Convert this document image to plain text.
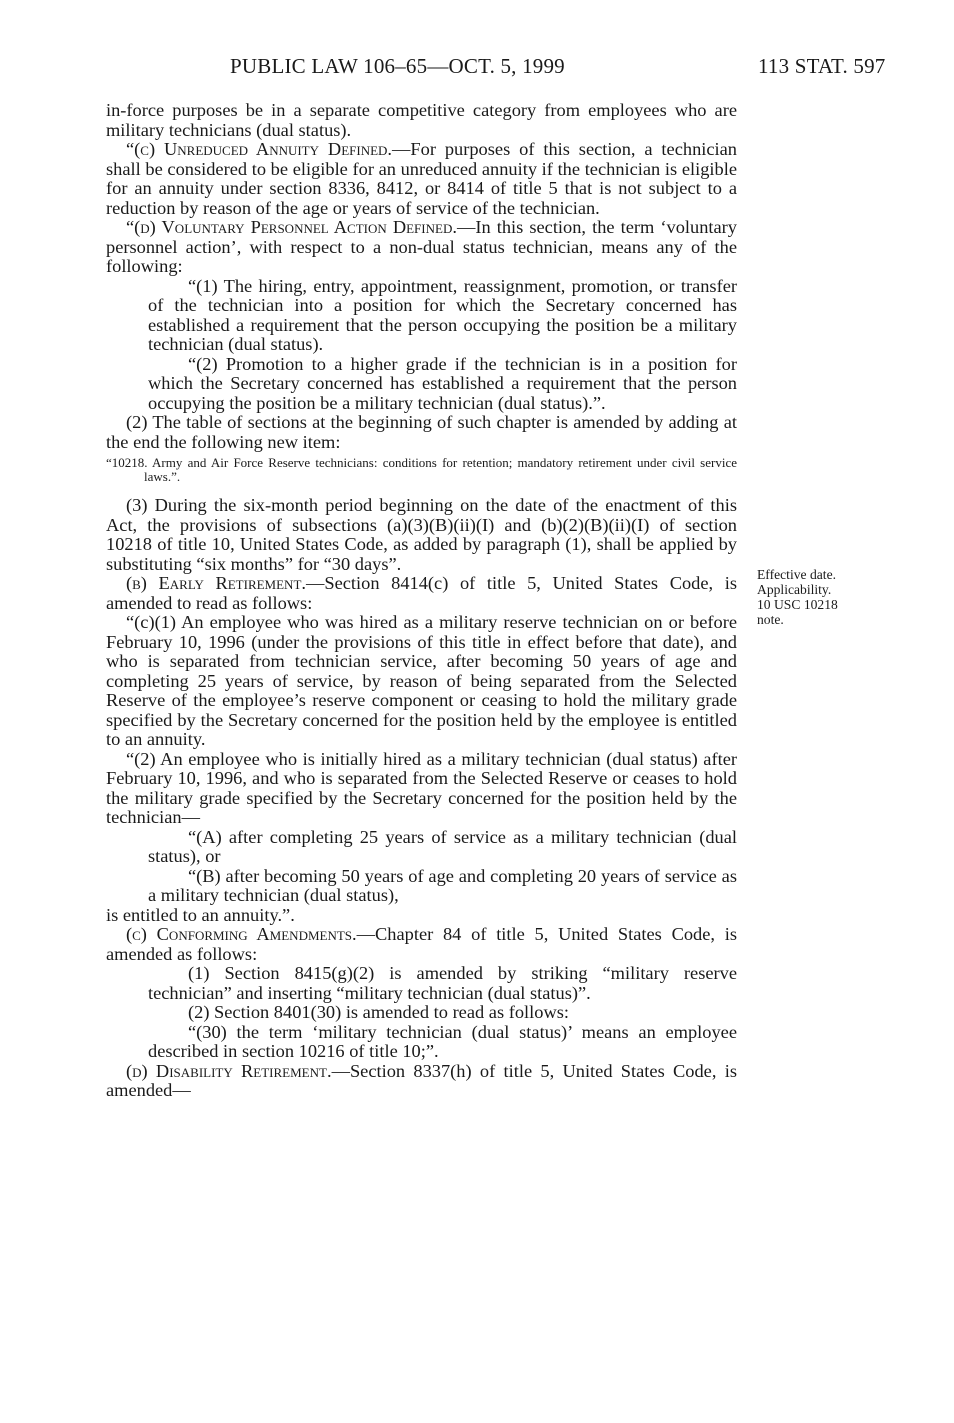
PUBLIC LAW 106–65—OCT. 5, 1999	113 STAT. 597

in-force purposes be in a separate competitive category from employees who are military technicians (dual status).

“(c) Unreduced Annuity Defined.—For purposes of this section, a technician shall be considered to be eligible for an unreduced annuity if the technician is eligible for an annuity under section 8336, 8412, or 8414 of title 5 that is not subject to a reduction by reason of the age or years of service of the technician.

“(d) Voluntary Personnel Action Defined.—In this section, the term ‘voluntary personnel action’, with respect to a non-dual status technician, means any of the following:

“(1) The hiring, entry, appointment, reassignment, promotion, or transfer of the technician into a position for which the Secretary concerned has established a requirement that the person occupying the position be a military technician (dual status).

“(2) Promotion to a higher grade if the technician is in a position for which the Secretary concerned has established a requirement that the person occupying the position be a military technician (dual status).”.

(2) The table of sections at the beginning of such chapter is amended by adding at the end the following new item:

“10218. Army and Air Force Reserve technicians: conditions for retention; mandatory retirement under civil service laws.”.

(3) During the six-month period beginning on the date of the enactment of this Act, the provisions of subsections (a)(3)(B)(ii)(I) and (b)(2)(B)(ii)(I) of section 10218 of title 10, United States Code, as added by paragraph (1), shall be applied by substituting “six months” for “30 days”.

(b) Early Retirement.—Section 8414(c) of title 5, United States Code, is amended to read as follows:

“(c)(1) An employee who was hired as a military reserve technician on or before February 10, 1996 (under the provisions of this title in effect before that date), and who is separated from technician service, after becoming 50 years of age and completing 25 years of service, by reason of being separated from the Selected Reserve of the employee’s reserve component or ceasing to hold the military grade specified by the Secretary concerned for the position held by the employee is entitled to an annuity.

“(2) An employee who is initially hired as a military technician (dual status) after February 10, 1996, and who is separated from the Selected Reserve or ceases to hold the military grade specified by the Secretary concerned for the position held by the technician—

“(A) after completing 25 years of service as a military technician (dual status), or

“(B) after becoming 50 years of age and completing 20 years of service as a military technician (dual status),

is entitled to an annuity.”.

(c) Conforming Amendments.—Chapter 84 of title 5, United States Code, is amended as follows:

(1) Section 8415(g)(2) is amended by striking “military reserve technician” and inserting “military technician (dual status)”.

(2) Section 8401(30) is amended to read as follows:

“(30) the term ‘military technician (dual status)’ means an employee described in section 10216 of title 10;”.

(d) Disability Retirement.—Section 8337(h) of title 5, United States Code, is amended—

Effective date.
Applicability.
10 USC 10218
note.
